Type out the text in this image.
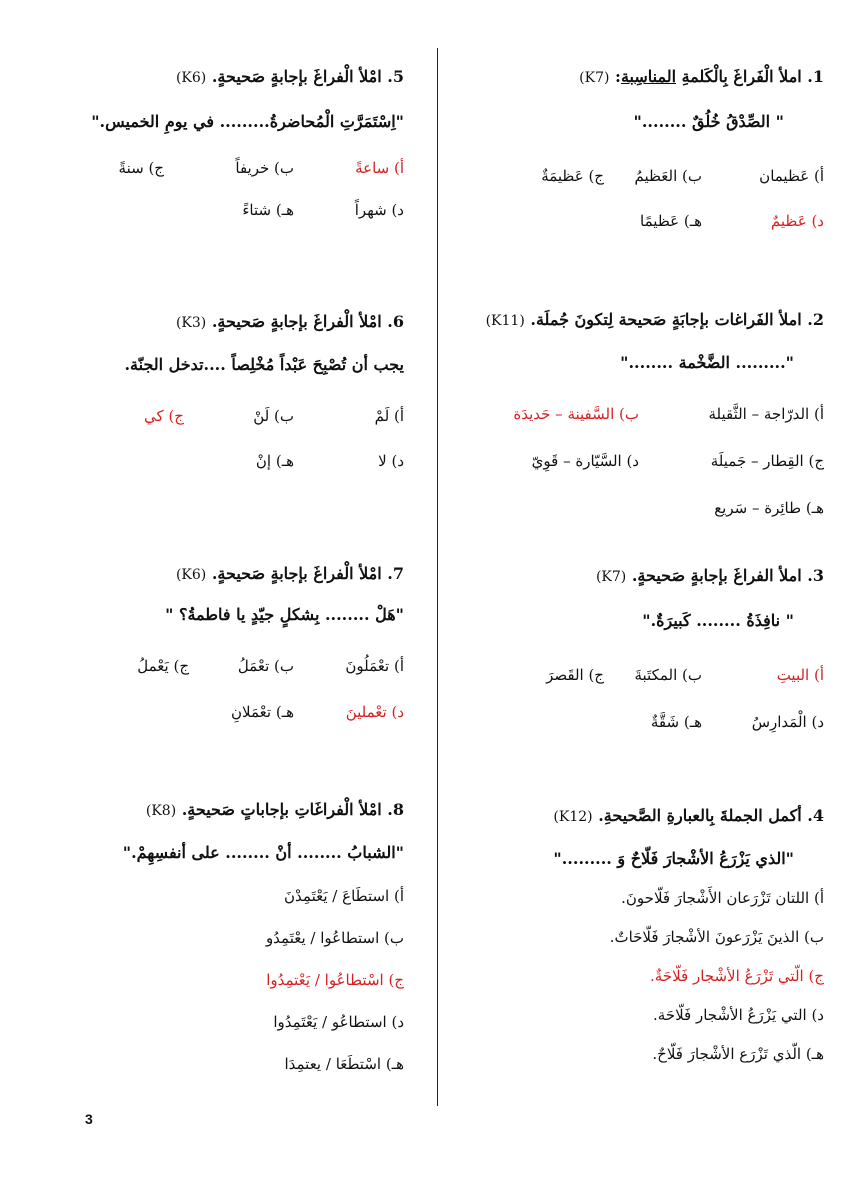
1. املأ الْفَراغَ بِالْكَلمةِ المناسِبة: (K7)
" الصِّدْقُ خُلُقٌ ........"
أ) عَظيمان
ب) العَظيمُ
ج) عَظيمَةٌ
د) عَظيمٌ
هـ) عَظيمًا
2. املأ الفَراغات بإجابَةٍ صَحيحة لِتكونَ جُملَة. (K11)
"......... الضَّخْمة ........"
أ) الدرّاجة – الثَّقيلة
ب) السَّفينة – حَديدَة
ج) القِطار – جَميلَة
د) السَّيّارة – قَوِيّ
هـ) طائِرة – سَريع
3. املأ الفراغَ بإجابةٍ صَحيحةٍ. (K7)
" نافِذَةُ ........ كَبيرَةٌ."
أ) البيتِ
ب) المكتَبةَ
ج) القَصرَ
د) الْمَدارِسُ
هـ) شَقَّةٌ
4. أكمل الجملةَ بِالعبارةِ الصَّحيحةِ. (K12)
"الذي يَزْرَعُ الأشْجارَ فَلّاحٌ وَ ........."
أ) اللتان تَزْرَعان الأَشْجارَ فَلّاحونَ.
ب) الذينَ يَزْرَعونَ الأشْجارَ فَلّاحَاتٌ.
ج) الّتي تَزْرَعُ الأشْجار فَلّاحَةٌ.
د) التي يَزْرَعُ الأشْجار فَلّاحَة.
هـ) الّذي تَزْرَع الأشْجارَ فَلّاحٌ.
5. امْلأ الْفراغَ بإجابةٍ صَحيحةٍ. (K6)
"اِسْتَمَرَّتِ الْمُحاضرةُ......... في يومِ الخميس."
أ) ساعةً
ب) خريفاً
ج) سنةً
د) شهراً
هـ) شتاءً
6. امْلأ الْفراغَ بإجابةٍ صَحيحةٍ. (K3)
يجب أن تُصْبِحَ عَبْداً مُخْلِصاً ....تدخل الجنّة.
أ) لَمْ
ب) لَنْ
ج) كي
د) لا
هـ) إنْ
7. امْلأ الْفراغَ بإجابةٍ صَحيحةٍ. (K6)
"هَلْ ........ بِشكلٍ جيّدٍ يا فاطمةُ؟ "
أ) تعْمَلُونَ
ب) تعْمَلُ
ج) يَعْملُ
د) تعْملينَ
هـ) تعْمَلانِ
8. امْلأ الْفراغَاتِ بإجاباتٍ صَحيحةٍ. (K8)
"الشبابُ ........ أنْ ........ على أنفسِهِمْ."
أ) استطَاعَ / يَعْتَمِدْنَ
ب) استطاعُوا / يعْتَمِدُو
ج) اسْتطاعُوا / يَعْتمِدُوا
د) استطاعُو / يَعْتَمِدُوا
هـ) اسْتطَعَا / يعتمِدَا
3
